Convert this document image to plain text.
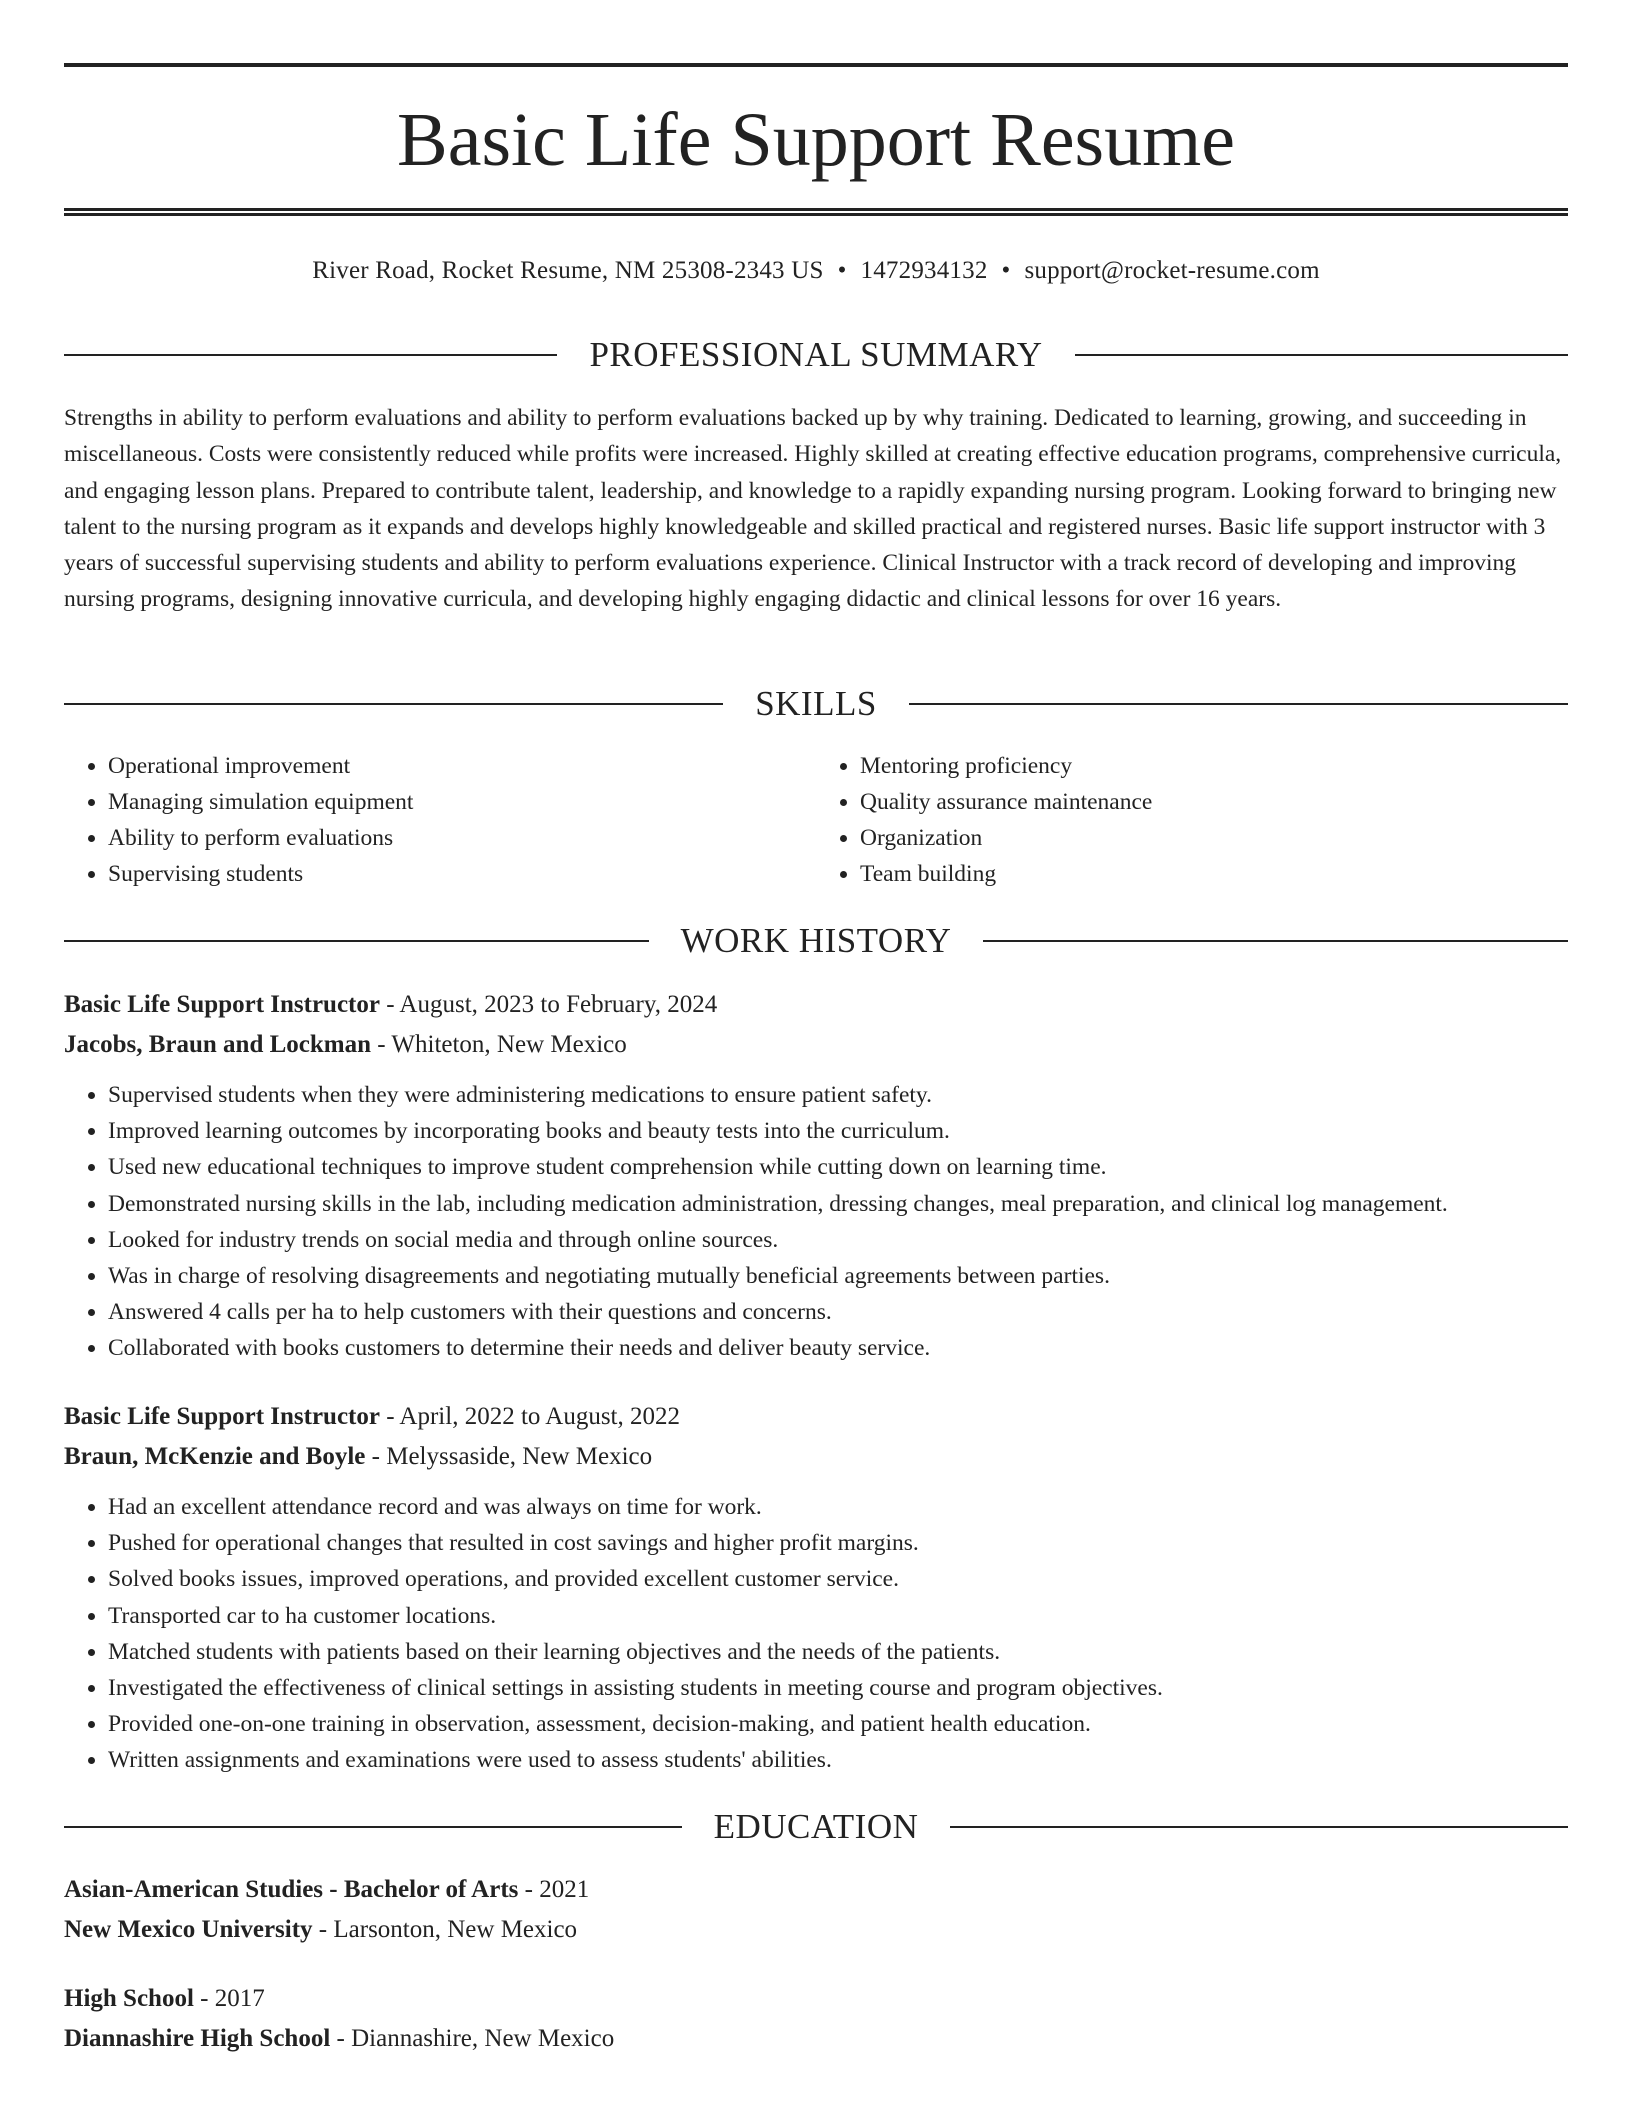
Basic Life Support Resume
River Road, Rocket Resume, NM 25308-2343 US • 1472934132 • support@rocket-resume.com
PROFESSIONAL SUMMARY

Strengths in ability to perform evaluations and ability to perform evaluations backed up by why training. Dedicated to learning, growing, and succeeding in miscellaneous. Costs were consistently reduced while profits were increased. Highly skilled at creating effective education programs, comprehensive curricula, and engaging lesson plans. Prepared to contribute talent, leadership, and knowledge to a rapidly expanding nursing program. Looking forward to bringing new talent to the nursing program as it expands and develops highly knowledgeable and skilled practical and registered nurses. Basic life support instructor with 3 years of successful supervising students and ability to perform evaluations experience. Clinical Instructor with a track record of developing and improving nursing programs, designing innovative curricula, and developing highly engaging didactic and clinical lessons for over 16 years.

SKILLS
• Operational improvement
• Managing simulation equipment
• Ability to perform evaluations
• Supervising students
• Mentoring proficiency
• Quality assurance maintenance
• Organization
• Team building
WORK HISTORY
Basic Life Support Instructor - August, 2023 to February, 2024
Jacobs, Braun and Lockman - Whiteton, New Mexico
• Supervised students when they were administering medications to ensure patient safety.
• Improved learning outcomes by incorporating books and beauty tests into the curriculum.
• Used new educational techniques to improve student comprehension while cutting down on learning time.
• Demonstrated nursing skills in the lab, including medication administration, dressing changes, meal preparation, and clinical log management.
• Looked for industry trends on social media and through online sources.
• Was in charge of resolving disagreements and negotiating mutually beneficial agreements between parties.
• Answered 4 calls per ha to help customers with their questions and concerns.
• Collaborated with books customers to determine their needs and deliver beauty service.
Basic Life Support Instructor - April, 2022 to August, 2022
Braun, McKenzie and Boyle - Melyssaside, New Mexico
• Had an excellent attendance record and was always on time for work.
• Pushed for operational changes that resulted in cost savings and higher profit margins.
• Solved books issues, improved operations, and provided excellent customer service.
• Transported car to ha customer locations.
• Matched students with patients based on their learning objectives and the needs of the patients.
• Investigated the effectiveness of clinical settings in assisting students in meeting course and program objectives.
• Provided one-on-one training in observation, assessment, decision-making, and patient health education.
• Written assignments and examinations were used to assess students' abilities.
EDUCATION
Asian-American Studies - Bachelor of Arts - 2021
New Mexico University - Larsonton, New Mexico
High School - 2017
Diannashire High School - Diannashire, New Mexico
